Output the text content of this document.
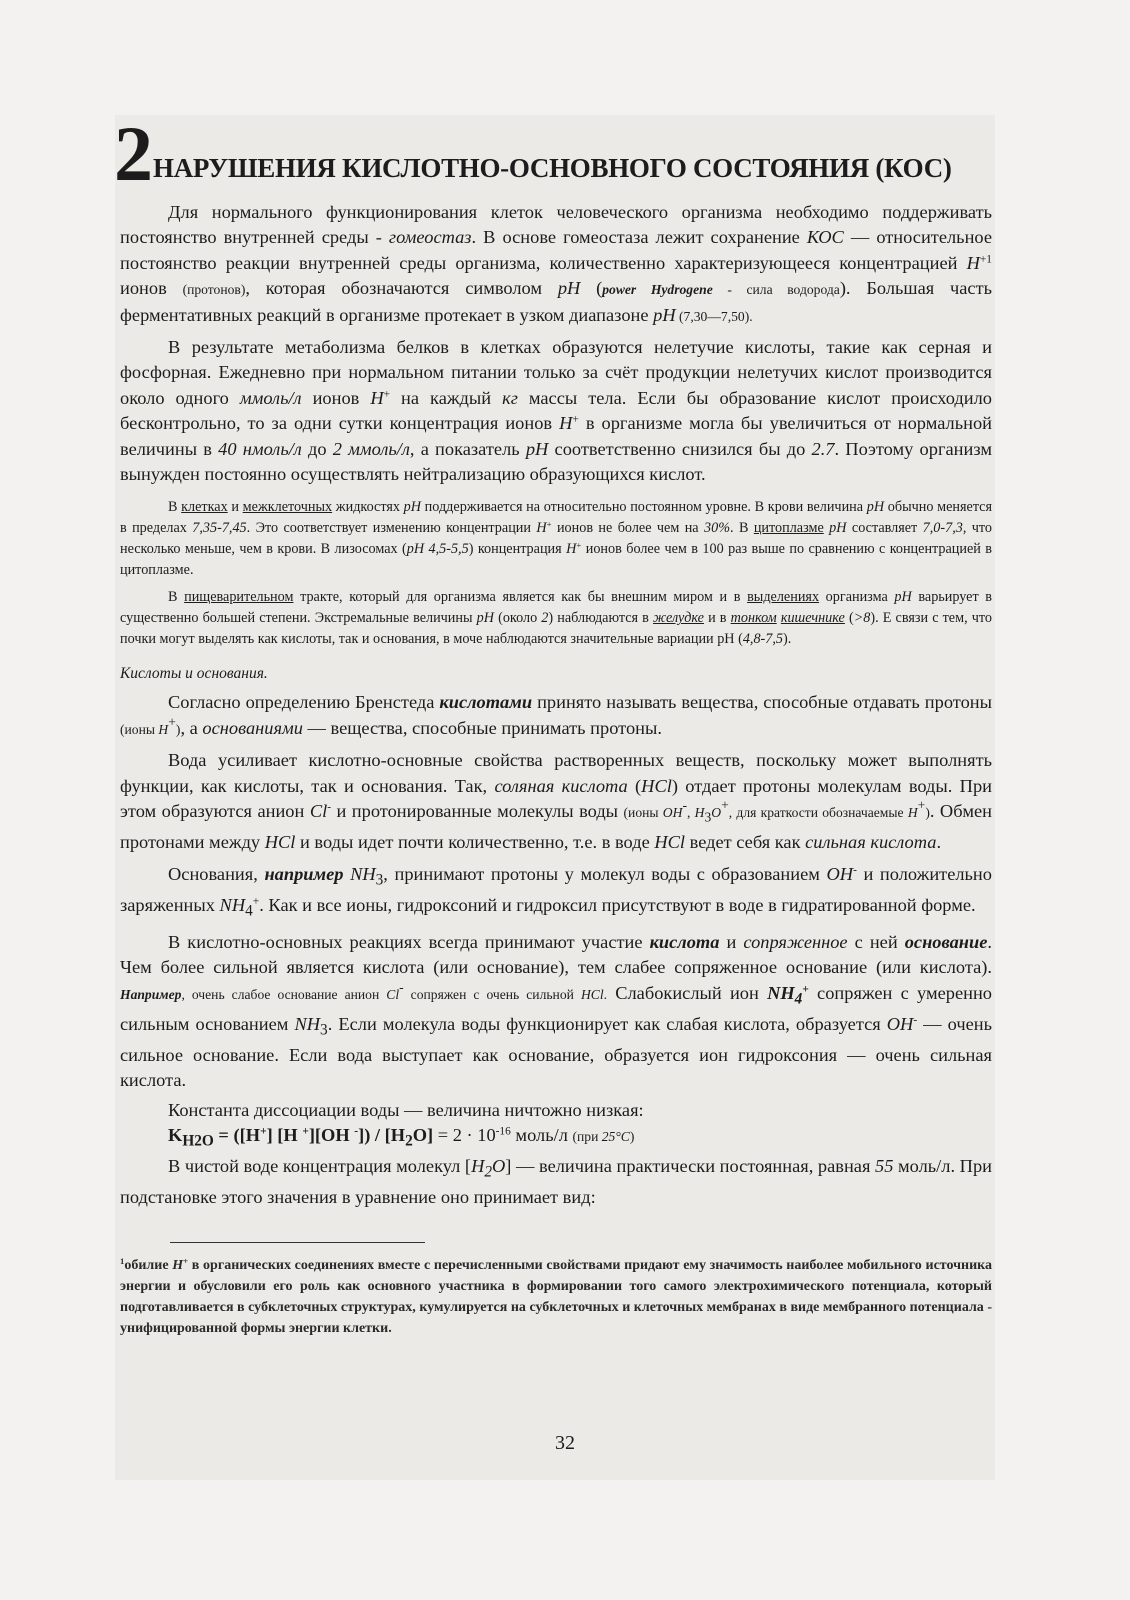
2 НАРУШЕНИЯ КИСЛОТНО-ОСНОВНОГО СОСТОЯНИЯ (КОС)

Для нормального функционирования клеток человеческого организма необходимо поддерживать постоянство внутренней среды - гомеостаз. В основе гомеостаза лежит сохранение КОС — относительное постоянство реакции внутренней среды организма, количественно характеризующееся концентрацией $H^{+1}$ ионов (протонов), которая обозначаются символом pH (power Hydrogene - сила водорода). Большая часть ферментативных реакций в организме протекает в узком диапазоне pH (7,30—7,50).

В результате метаболизма белков в клетках образуются нелетучие кислоты, такие как серная и фосфорная. Ежедневно при нормальном питании только за счёт продукции нелетучих кислот производится около одного ммоль/л ионов H+ на каждый кг массы тела. Если бы образование кислот происходило бесконтрольно, то за одни сутки концентрация ионов H+ в организме могла бы увеличиться от нормальной величины в 40 нмоль/л до 2 ммоль/л, а показатель pH соответственно снизился бы до 2.7. Поэтому организм вынужден постоянно осуществлять нейтрализацию образующихся кислот.

В клетках и межклеточных жидкостях pH поддерживается на относительно постоянном уровне. В крови величина pH обычно меняется в пределах 7,35-7,45. Это соответствует изменению концентрации H+ ионов не более чем на 30%. В цитоплазме pH составляет 7,0-7,3, что несколько меньше, чем в крови. В лизосомах (pH 4,5-5,5) концентрация H+ ионов более чем в 100 раз выше по сравнению с концентрацией в цитоплазме.

В пищеварительном тракте, который для организма является как бы внешним миром и в выделениях организма pH варьирует в существенно большей степени. Экстремальные величины pH (около 2) наблюдаются в желудке и в тонком кишечнике (>8). Е связи с тем, что почки могут выделять как кислоты, так и основания, в моче наблюдаются значительные вариации pH (4,8-7,5).

Кислоты и основания.

Согласно определению Бренстеда кислотами принято называть вещества, способные отдавать протоны (ионы H+), а основаниями — вещества, способные принимать протоны.

Вода усиливает кислотно-основные свойства растворенных веществ, поскольку может выполнять функции, как кислоты, так и основания. Так, соляная кислота (HCl) отдает протоны молекулам воды. При этом образуются анион Cl- и протонированные молекулы воды (ионы OH-, $H_3O^+$, для краткости обозначаемые H+). Обмен протонами между HCl и воды идет почти количественно, т.е. в воде HCl ведет себя как сильная кислота.

Основания, например $NH_3$, принимают протоны у молекул воды с образованием OH- и положительно заряженных $NH_4^+$. Как и все ионы, гидроксоний и гидроксил присутствуют в воде в гидратированной форме.

В кислотно-основных реакциях всегда принимают участие кислота и сопряженное с ней основание. Чем более сильной является кислота (или основание), тем слабее сопряженное основание (или кислота). Например, очень слабое основание анион Cl- сопряжен с очень сильной HCl. Слабокислый ион $NH_4^+$ сопряжен с умеренно сильным основанием $NH_3$. Если молекула воды функционирует как слабая кислота, образуется OH- — очень сильное основание. Если вода выступает как основание, образуется ион гидроксония — очень сильная кислота.

Константа диссоциации воды — величина ничтожно низкая:

$K_{H2O} = ([H^+]$ [H +][OH $^-]) / [H_2O] = 2 \cdot 10^{-16}$ моль/л (при 25°C)

В чистой воде концентрация молекул $[H_2O]$ — величина практически постоянная, равная 55 моль/л. При подстановке этого значения в уравнение оно принимает вид:

$^1$обилие H+ в органических соединениях вместе с перечисленными свойствами придают ему значимость наиболее мобильного источника энергии и обусловили его роль как основного участника в формировании того самого электрохимического потенциала, который подготавливается в субклеточных структурах, кумулируется на субклеточных и клеточных мембранах в виде мембранного потенциала - унифицированной формы энергии клетки.

32
